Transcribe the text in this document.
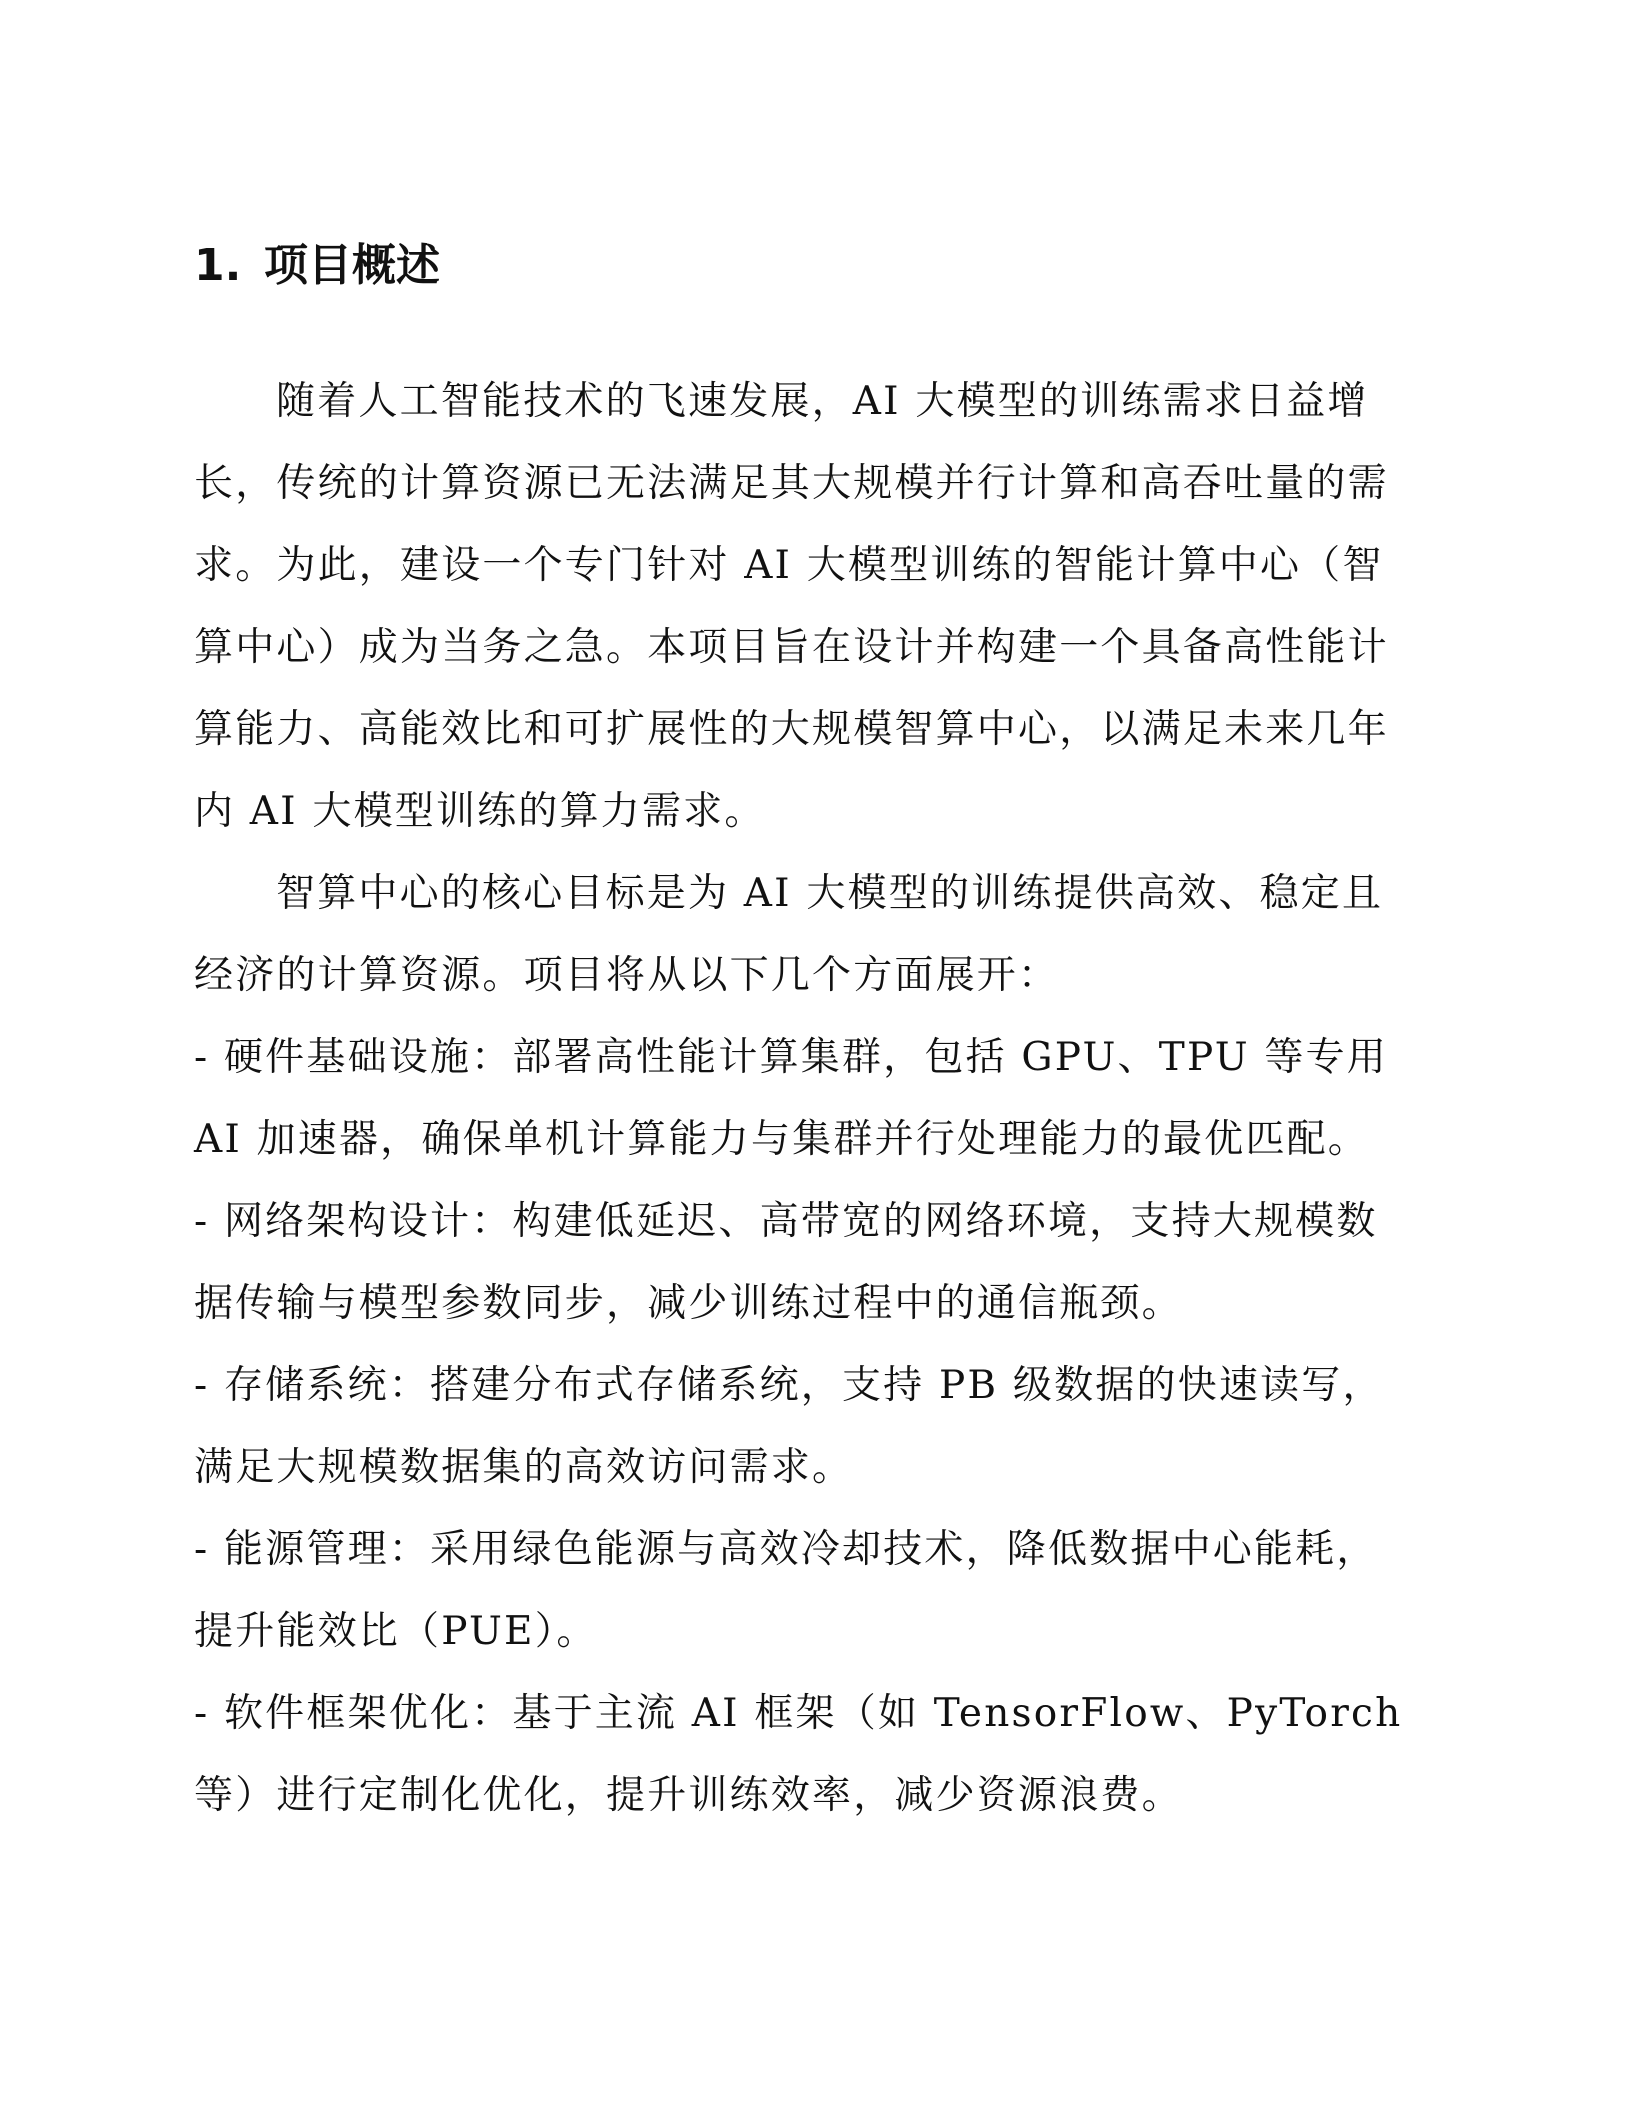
1. 项目概述
随着人工智能技术的飞速发展，AI 大模型的训练需求日益增
长，传统的计算资源已无法满足其大规模并行计算和高吞吐量的需
求。为此，建设一个专门针对 AI 大模型训练的智能计算中心（智
算中心）成为当务之急。本项目旨在设计并构建一个具备高性能计
算能力、高能效比和可扩展性的大规模智算中心，以满足未来几年
内 AI 大模型训练的算力需求。
智算中心的核心目标是为 AI 大模型的训练提供高效、稳定且
经济的计算资源。项目将从以下几个方面展开：
- 硬件基础设施：部署高性能计算集群，包括 GPU、TPU 等专用
AI 加速器，确保单机计算能力与集群并行处理能力的最优匹配。
- 网络架构设计：构建低延迟、高带宽的网络环境，支持大规模数
据传输与模型参数同步，减少训练过程中的通信瓶颈。
- 存储系统：搭建分布式存储系统，支持 PB 级数据的快速读写，
满足大规模数据集的高效访问需求。
- 能源管理：采用绿色能源与高效冷却技术，降低数据中心能耗，
提升能效比（PUE）。
- 软件框架优化：基于主流 AI 框架（如 TensorFlow、PyTorch
等）进行定制化优化，提升训练效率，减少资源浪费。
